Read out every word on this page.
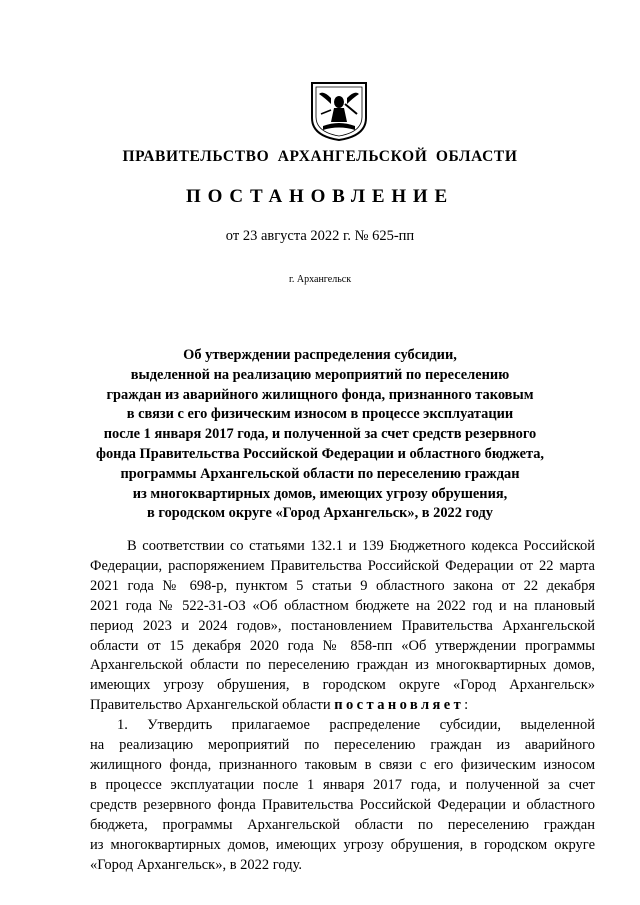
ПРАВИТЕЛЬСТВО АРХАНГЕЛЬСКОЙ ОБЛАСТИ
ПОСТАНОВЛЕНИЕ
от 23 августа 2022 г. № 625-пп
г. Архангельск
Об утверждении распределения субсидии,
выделенной на реализацию мероприятий по переселению
граждан из аварийного жилищного фонда, признанного таковым
в связи с его физическим износом в процессе эксплуатации
после 1 января 2017 года, и полученной за счет средств резервного
фонда Правительства Российской Федерации и областного бюджета,
программы Архангельской области по переселению граждан
из многоквартирных домов, имеющих угрозу обрушения,
в городском округе «Город Архангельск», в 2022 году
В соответствии со статьями 132.1 и 139 Бюджетного кодекса Российской
Федерации, распоряжением Правительства Российской Федерации от 22 марта
2021 года № 698-р, пунктом 5 статьи 9 областного закона от 22 декабря
2021 года № 522-31-ОЗ «Об областном бюджете на 2022 год и на плановый
период 2023 и 2024 годов», постановлением Правительства Архангельской
области от 15 декабря 2020 года № 858-пп «Об утверждении программы
Архангельской области по переселению граждан из многоквартирных домов,
имеющих угрозу обрушения, в городском округе «Город Архангельск»
Правительство Архангельской области постановляет:
1. Утвердить прилагаемое распределение субсидии, выделенной
на реализацию мероприятий по переселению граждан из аварийного
жилищного фонда, признанного таковым в связи с его физическим износом
в процессе эксплуатации после 1 января 2017 года, и полученной за счет
средств резервного фонда Правительства Российской Федерации и областного
бюджета, программы Архангельской области по переселению граждан
из многоквартирных домов, имеющих угрозу обрушения, в городском округе
«Город Архангельск», в 2022 году.
